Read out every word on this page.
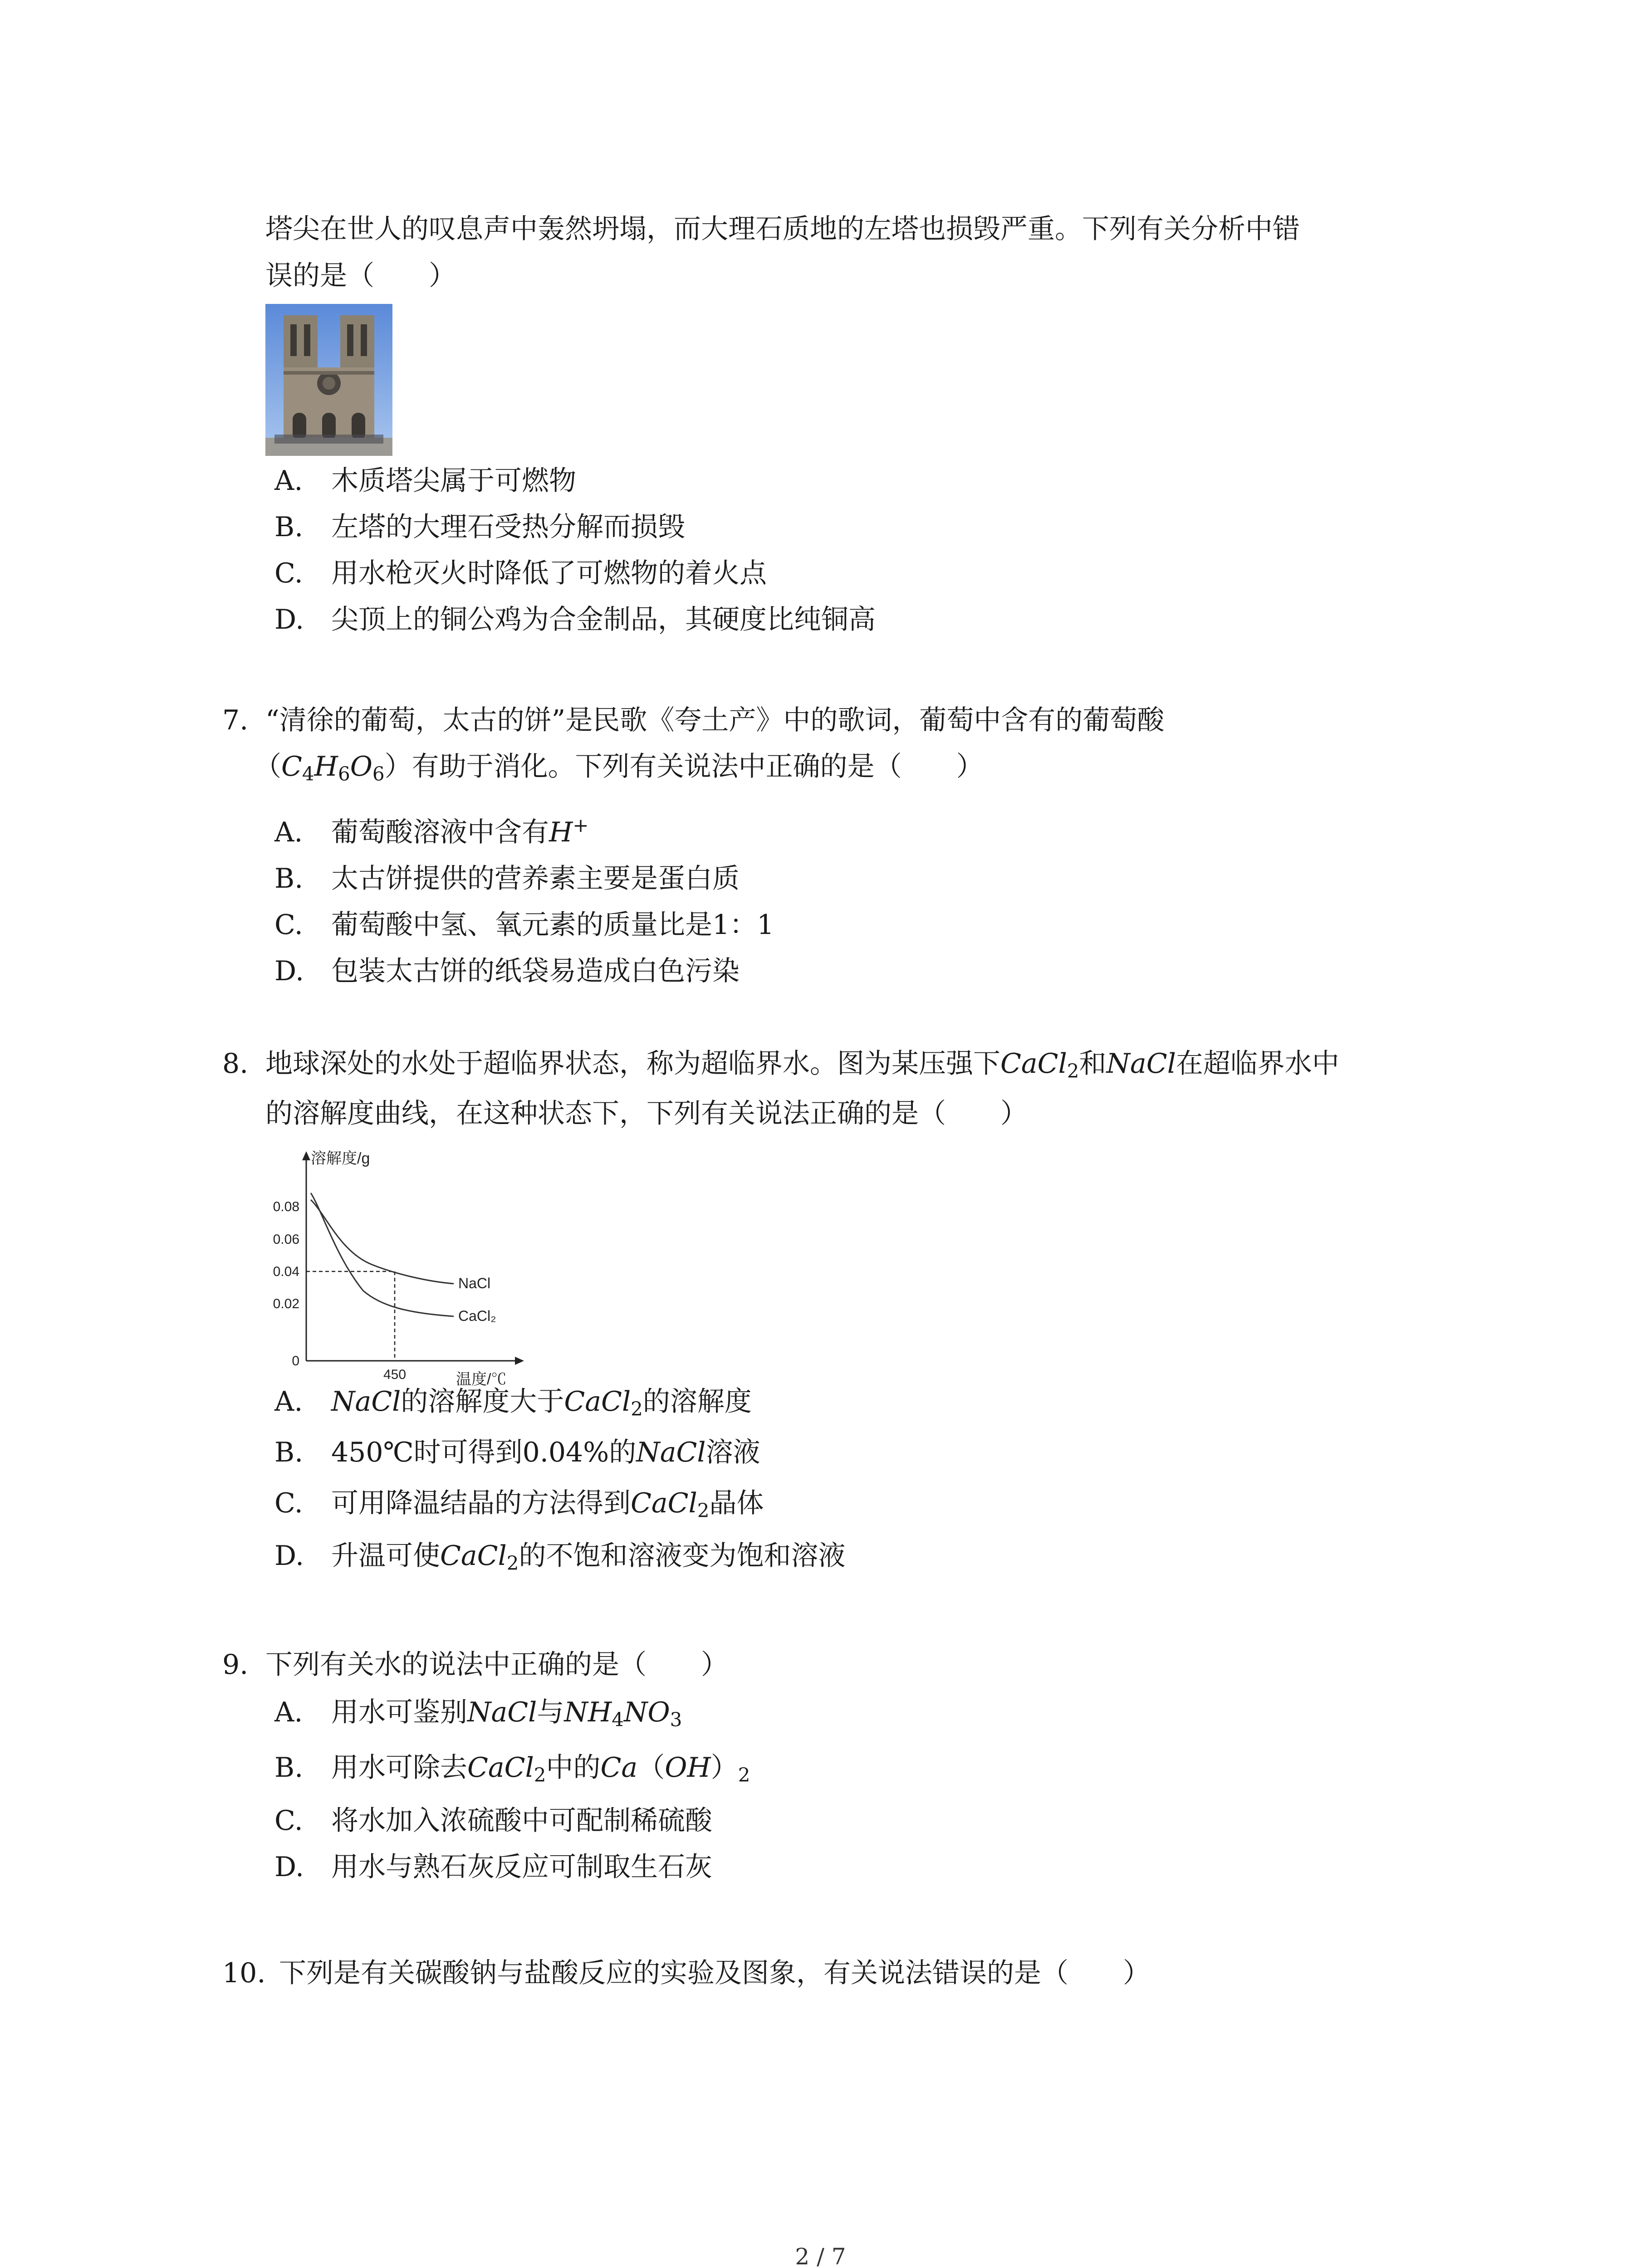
塔尖在世人的叹息声中轰然坍塌，而大理石质地的左塔也损毁严重。下列有关分析中错
误的是（　　）
A. 木质塔尖属于可燃物
B. 左塔的大理石受热分解而损毁
C. 用水枪灭火时降低了可燃物的着火点
D. 尖顶上的铜公鸡为合金制品，其硬度比纯铜高
7. “清徐的葡萄，太古的饼”是民歌《夸土产》中的歌词，葡萄中含有的葡萄酸
$(C_4H_6O_6)$有助于消化。下列有关说法中正确的是（　　）
A. 葡萄酸溶液中含有H+
B. 太古饼提供的营养素主要是蛋白质
C. 葡萄酸中氢、氧元素的质量比是1：1
D. 包装太古饼的纸袋易造成白色污染
8. 地球深处的水处于超临界状态，称为超临界水。图为某压强下CaCl$_2$和NaCl在超临界水中
的溶解度曲线，在这种状态下，下列有关说法正确的是（　　）
溶解度/g
温度/℃
0.08
0.06
0.04
0.02
0
450
NaCl
CaCl₂
A. NaCl的溶解度大于CaCl$_2$的溶解度
B. 450℃时可得到0.04%的NaCl溶液
C. 可用降温结晶的方法得到CaCl$_2$晶体
D. 升温可使CaCl$_2$的不饱和溶液变为饱和溶液
9. 下列有关水的说法中正确的是（　　）
A. 用水可鉴别NaCl与$NH_4NO_3$
B. 用水可除去CaCl$_2$中的$Ca(OH)_2$
C. 将水加入浓硫酸中可配制稀硫酸
D. 用水与熟石灰反应可制取生石灰
10. 下列是有关碳酸钠与盐酸反应的实验及图象，有关说法错误的是（　　）
2 / 7
